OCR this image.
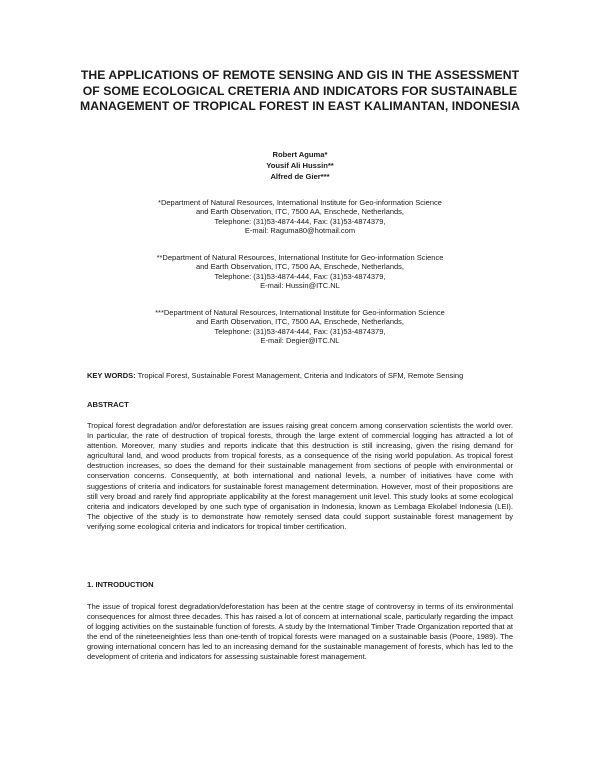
THE APPLICATIONS OF REMOTE SENSING AND GIS IN THE ASSESSMENT OF SOME ECOLOGICAL CRETERIA AND INDICATORS FOR SUSTAINABLE MANAGEMENT OF TROPICAL FOREST IN EAST KALIMANTAN, INDONESIA
Robert Aguma*
Yousif Ali Hussin**
Alfred de Gier***
*Department of Natural Resources, International Institute for Geo-information Science
and Earth Observation, ITC, 7500 AA, Enschede, Netherlands,
Telephone: (31)53-4874-444, Fax: (31)53-4874379,
E-mail: Raguma80@hotmail.com
**Department of Natural Resources, International Institute for Geo-information Science
and Earth Observation, ITC, 7500 AA, Enschede, Netherlands,
Telephone: (31)53-4874-444, Fax: (31)53-4874379,
E-mail: Hussin@ITC.NL
***Department of Natural Resources, International Institute for Geo-information Science
and Earth Observation, ITC, 7500 AA, Enschede, Netherlands,
Telephone: (31)53-4874-444, Fax: (31)53-4874379,
E-mail: Degier@ITC.NL

KEY WORDS: Tropical Forest, Sustainable Forest Management, Criteria and Indicators of SFM, Remote Sensing

ABSTRACT

Tropical forest degradation and/or deforestation are issues raising great concern among conservation scientists the world over. In particular, the rate of destruction of tropical forests, through the large extent of commercial logging has attracted a lot of attention. Moreover, many studies and reports indicate that this destruction is still increasing, given the rising demand for agricultural land, and wood products from tropical forests, as a consequence of the rising world population. As tropical forest destruction increases, so does the demand for their sustainable management from sections of people with environmental or conservation concerns. Consequently, at both international and national levels, a number of initiatives have come with suggestions of criteria and indicators for sustainable forest management determination. However, most of their propositions are still very broad and rarely find appropriate applicability at the forest management unit level. This study looks at some ecological criteria and indicators developed by one such type of organisation in Indonesia, known as Lembaga Ekolabel Indonesia (LEI). The objective of the study is to demonstrate how remotely sensed data could support sustainable forest management by verifying some ecological criteria and indicators for tropical timber certification.

1. INTRODUCTION

The issue of tropical forest degradation/deforestation has been at the centre stage of controversy in terms of its environmental consequences for almost three decades. This has raised a lot of concern at international scale, particularly regarding the impact of logging activities on the sustainable function of forests. A study by the International Timber Trade Organization reported that at the end of the nineteeneighties less than one-tenth of tropical forests were managed on a sustainable basis (Poore, 1989). The growing international concern has led to an increasing demand for the sustainable management of forests, which has led to the development of criteria and indicators for assessing sustainable forest management.
